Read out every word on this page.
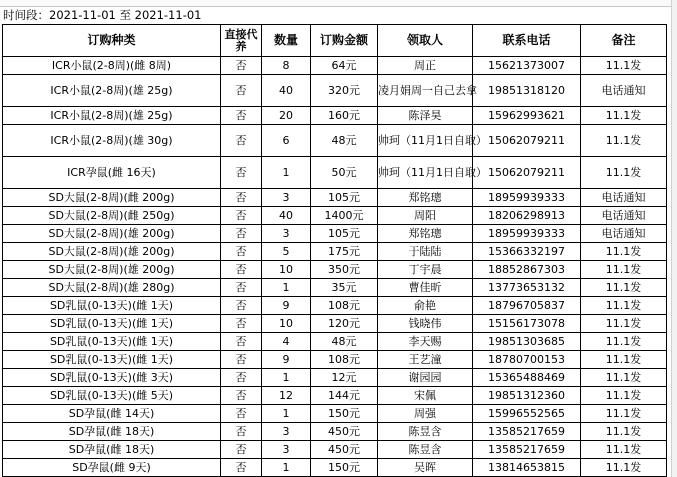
时间段：2021-11-01 至 2021-11-01
订购种类	直接代养	数量	订购金额	领取人	联系电话	备注
ICR小鼠(2-8周)(雌 8周)	否	8	64元	周正	15621373007	11.1发
ICR小鼠(2-8周)(雄 25g)	否	40	320元	凌月娟周一自己去拿	19851318120	电话通知
ICR小鼠(2-8周)(雄 25g)	否	20	160元	陈泽昊	15962993621	11.1发
ICR小鼠(2-8周)(雄 30g)	否	6	48元	帅珂（11月1日自取）	15062079211	11.1发
ICR孕鼠(雌 16天)	否	1	50元	帅珂（11月1日自取）	15062079211	11.1发
SD大鼠(2-8周)(雌 200g)	否	3	105元	郑铭璁	18959939333	电话通知
SD大鼠(2-8周)(雌 250g)	否	40	1400元	周阳	18206298913	电话通知
SD大鼠(2-8周)(雄 200g)	否	3	105元	郑铭璁	18959939333	电话通知
SD大鼠(2-8周)(雄 200g)	否	5	175元	于陆陆	15366332197	11.1发
SD大鼠(2-8周)(雄 200g)	否	10	350元	丁宇晨	18852867303	11.1发
SD大鼠(2-8周)(雄 280g)	否	1	35元	曹佳昕	13773653132	11.1发
SD乳鼠(0-13天)(雌 1天)	否	9	108元	俞艳	18796705837	11.1发
SD乳鼠(0-13天)(雌 1天)	否	10	120元	钱晓伟	15156173078	11.1发
SD乳鼠(0-13天)(雌 1天)	否	4	48元	李天赐	19851303685	11.1发
SD乳鼠(0-13天)(雌 1天)	否	9	108元	王艺潼	18780700153	11.1发
SD乳鼠(0-13天)(雌 3天)	否	1	12元	谢园园	15365488469	11.1发
SD乳鼠(0-13天)(雌 5天)	否	12	144元	宋佩	19851312360	11.1发
SD孕鼠(雌 14天)	否	1	150元	周强	15996552565	11.1发
SD孕鼠(雌 18天)	否	3	450元	陈昱含	13585217659	11.1发
SD孕鼠(雌 18天)	否	3	450元	陈昱含	13585217659	11.1发
SD孕鼠(雌 9天)	否	1	150元	吴晖	13814653815	11.1发
